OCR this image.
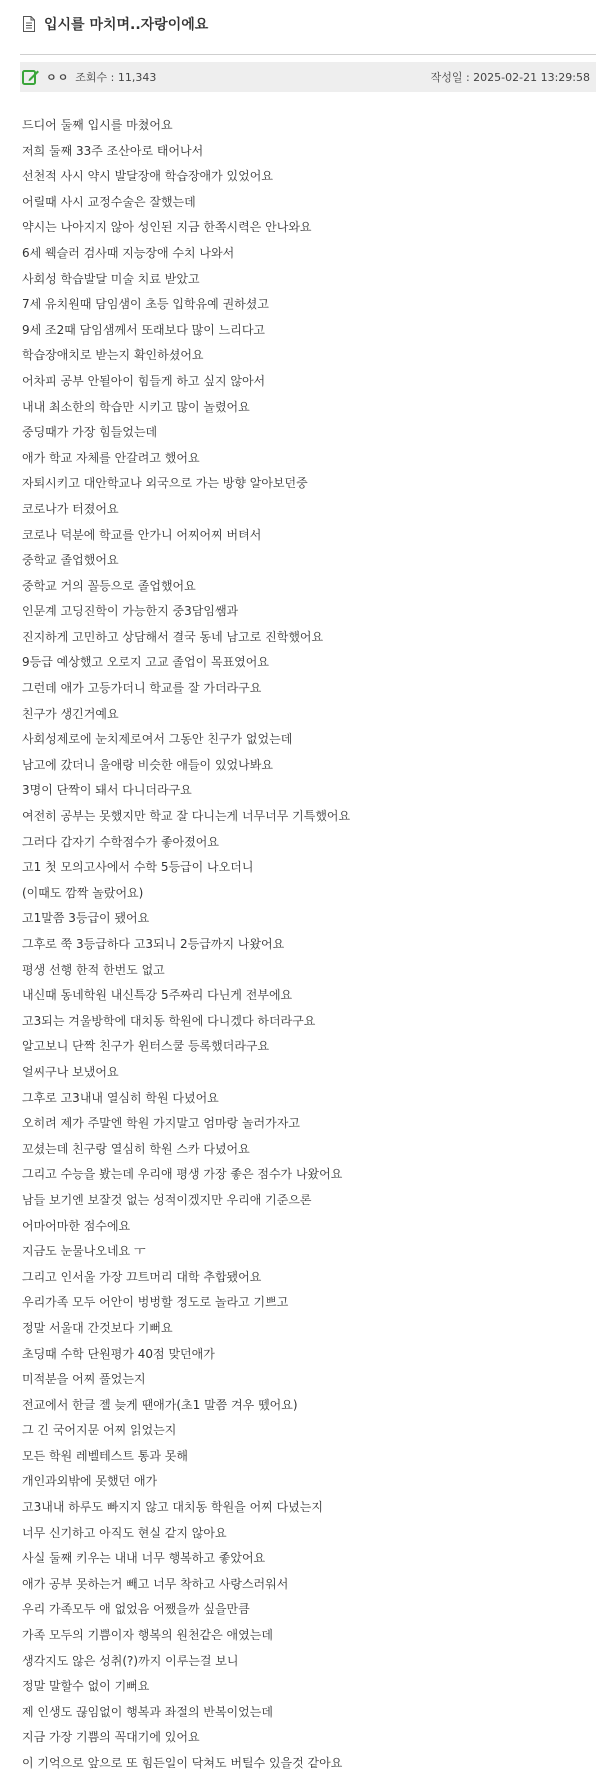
입시를 마치며..자랑이에요
ㅇㅇ 조회수 : 11,343	작성일 : 2025-02-21 13:29:58
드디어 둘째 입시를 마쳤어요
저희 둘째 33주 조산아로 태어나서
선천적 사시 약시 발달장애 학습장애가 있었어요
어릴때 사시 교정수술은 잘했는데
약시는 나아지지 않아 성인된 지금 한쪽시력은 안나와요
6세 웩슬러 검사때 지능장애 수치 나와서
사회성 학습발달 미술 치료 받았고
7세 유치원때 담임샘이 초등 입학유예 권하셨고
9세 조2때 담임샘께서 또래보다 많이 느리다고
학습장애치로 받는지 확인하셨어요
어차피 공부 안될아이 힘들게 하고 싶지 않아서
내내 최소한의 학습만 시키고 많이 놀렸어요
중딩때가 가장 힘들었는데
애가 학교 자체를 안갈려고 했어요
자퇴시키고 대안학교나 외국으로 가는 방향 알아보던중
코로나가 터졌어요
코로나 덕분에 학교를 안가니 어찌어찌 버텨서
중학교 졸업했어요
중학교 거의 꼴등으로 졸업했어요
인문계 고딩진학이 가능한지 중3담임쌤과
진지하게 고민하고 상담해서 결국 동네 남고로 진학했어요
9등급 예상했고 오로지 고교 졸업이 목표였어요
그런데 애가 고등가더니 학교를 잘 가더라구요
친구가 생긴거예요
사회성제로에 눈치제로여서 그동안 친구가 없었는데
남고에 갔더니 울애랑 비슷한 애들이 있었나봐요
3명이 단짝이 돼서 다니더라구요
여전히 공부는 못했지만 학교 잘 다니는게 너무너무 기특했어요
그러다 갑자기 수학점수가 좋아졌어요
고1 첫 모의고사에서 수학 5등급이 나오더니
(이때도 깜짝 놀랐어요)
고1말쯤 3등급이 됐어요
그후로 쭉 3등급하다 고3되니 2등급까지 나왔어요
평생 선행 한적 한번도 없고
내신때 동네학원 내신특강 5주짜리 다닌게 전부에요
고3되는 겨울방학에 대치동 학원에 다니겠다 하더라구요
알고보니 단짝 친구가 윈터스쿨 등록했더라구요
얼씨구나 보냈어요
그후로 고3내내 열심히 학원 다녔어요
오히려 제가 주말엔 학원 가지말고 엄마랑 놀러가자고
꼬셨는데 친구랑 열심히 학원 스카 다녔어요
그리고 수능을 봤는데 우리애 평생 가장 좋은 점수가 나왔어요
남들 보기엔 보잘것 없는 성적이겠지만 우리애 기준으론
어마어마한 점수에요
지금도 눈물나오네요 ㅜ
그리고 인서울 가장 끄트머리 대학 추합됐어요
우리가족 모두 어안이 벙벙할 정도로 놀라고 기쁘고
정말 서울대 간것보다 기뻐요
초딩때 수학 단원평가 40점 맞던애가
미적분을 어찌 풀었는지
전교에서 한글 젤 늦게 땐애가(초1 말쯤 겨우 뗐어요)
그 긴 국어지문 어찌 읽었는지
모든 학원 레벨테스트 통과 못해
개인과외밖에 못했던 애가
고3내내 하루도 빠지지 않고 대치동 학원을 어찌 다녔는지
너무 신기하고 아직도 현실 같지 않아요
사실 둘째 키우는 내내 너무 행복하고 좋았어요
애가 공부 못하는거 빼고 너무 착하고 사랑스러워서
우리 가족모두 애 없었음 어쨌을까 싶을만큼
가족 모두의 기쁨이자 행복의 원천같은 애였는데
생각지도 않은 성취(?)까지 이루는걸 보니
정말 말할수 없이 기뻐요
제 인생도 끊임없이 행복과 좌절의 반복이었는데
지금 가장 기쁨의 꼭대기에 있어요
이 기억으로 앞으로 또 힘든일이 닥쳐도 버틸수 있을것 같아요
